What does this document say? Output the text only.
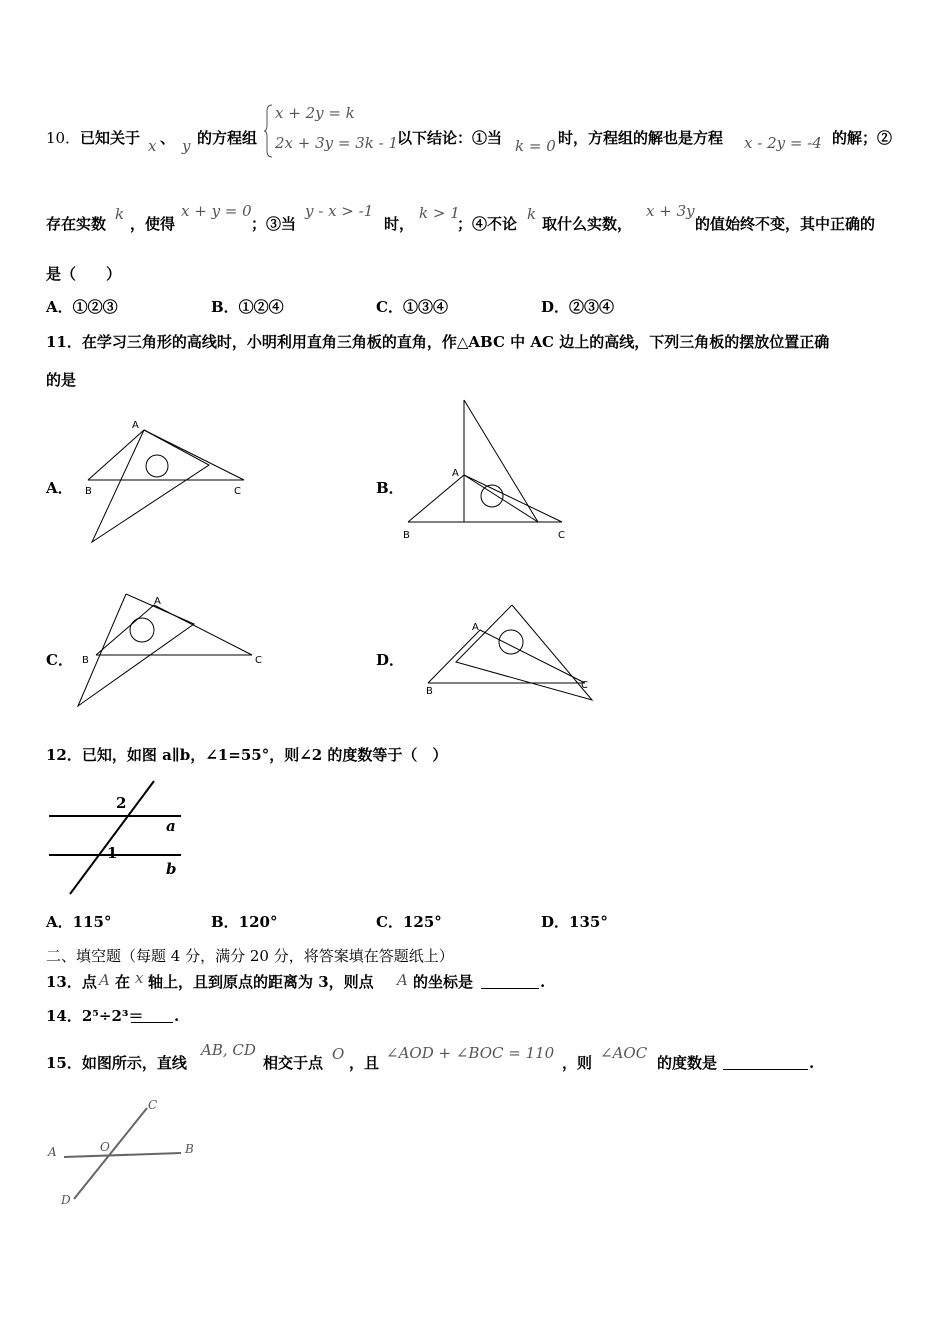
10． 已知关于 x 、 y 的方程组
x + 2y = k
2x + 3y = 3k - 1
以下结论：①当 k = 0 时，方程组的解也是方程 x - 2y = -4 的解；②
存在实数
k
，使得
x + y = 0
；③当
y - x > -1
时，
k > 1
；④不论
k
取什么实数，
x + 3y
的值始终不变，其中正确的
是（　　）
A．①②③	B．①②④	C．①③④	D．②③④
11．在学习三角形的高线时，小明利用直角三角板的直角，作△ABC 中 AC 边上的高线，下列三角板的摆放位置正确
的是
A．
A
B	C	B．
A
B	C
C．
A
B	C	D．
A
B
C
12．已知，如图 a∥b，∠1=55°，则∠2 的度数等于（　）
2
1
a
b
A．115°	B．120°	C．125°	D．135°
二、填空题（每题 4 分，满分 20 分，将答案填在答题纸上）
13．点 A 在 x 轴上，且到原点的距离为 3，则点 A 的坐标是	.
14．2⁵÷2³＝ .
15．如图所示，直线
AB, CD
相交于点 O ，且
∠AOD + ∠BOC = 110
，则
∠AOC
的度数是	.
A	B
C
D
O
